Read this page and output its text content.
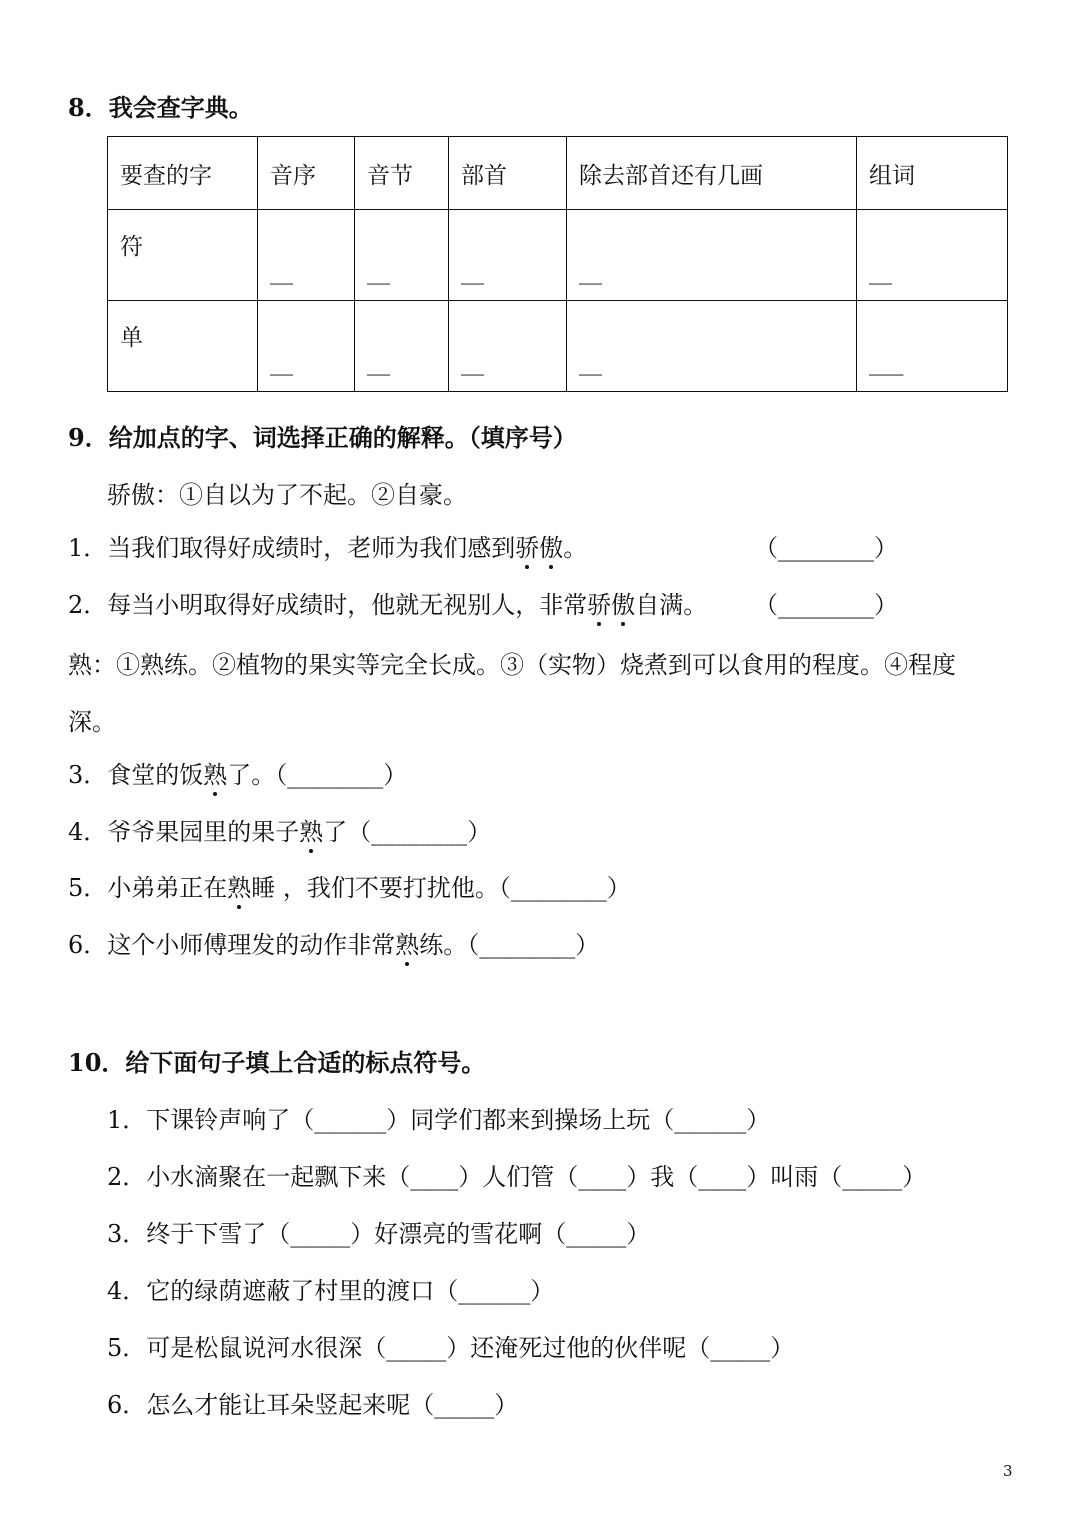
8．我会查字典。
要查的字	音序	音节	部首	除去部首还有几画	组词
符	__	__	__	__	__
单	__	__	__	__	___
9．给加点的字、词选择正确的解释。（填序号）
骄傲：①自以为了不起。②自豪。
1．当我们取得好成绩时，老师为我们感到骄傲。	（________）
2．每当小明取得好成绩时，他就无视别人，非常骄傲自满。 （________）
熟：①熟练。②植物的果实等完全长成。③（实物）烧煮到可以食用的程度。④程度
深。
3．食堂的饭熟了。（________）
4．爷爷果园里的果子熟了（________）
5．小弟弟正在熟睡 ，我们不要打扰他。（________）
6．这个小师傅理发的动作非常熟练。（________）
10．给下面句子填上合适的标点符号。
1．下课铃声响了（______）同学们都来到操场上玩（______）
2．小水滴聚在一起飘下来（____）人们管（____）我（____）叫雨（_____）
3．终于下雪了（_____）好漂亮的雪花啊（_____）
4．它的绿荫遮蔽了村里的渡口（______）
5．可是松鼠说河水很深（_____）还淹死过他的伙伴呢（_____）
6．怎么才能让耳朵竖起来呢（_____）
3
